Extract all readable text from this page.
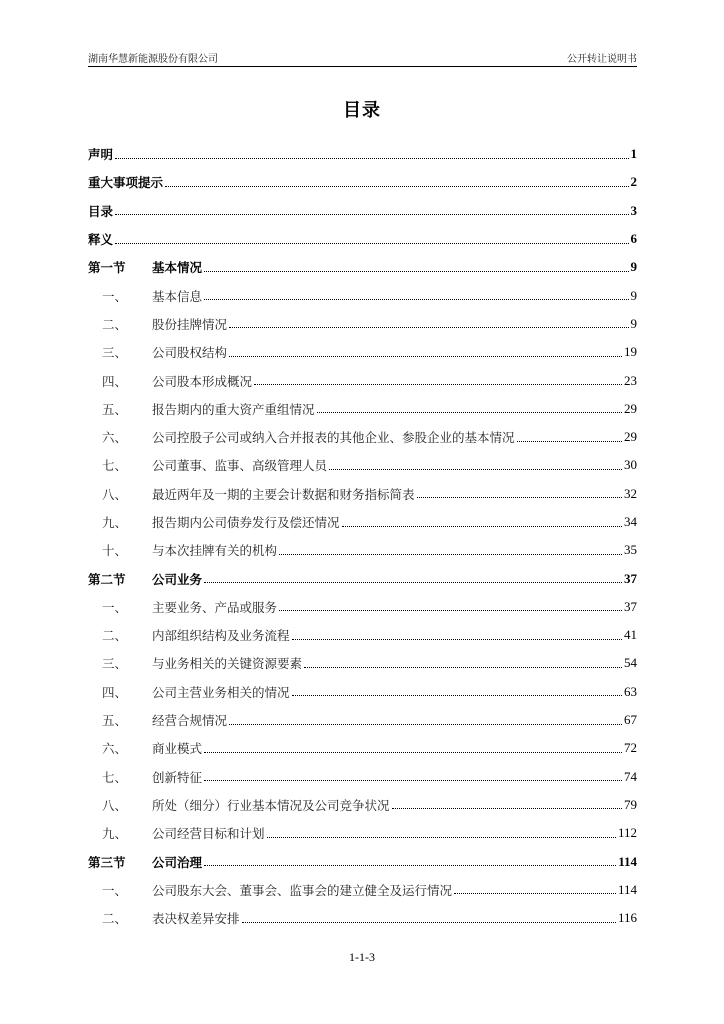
湖南华慧新能源股份有限公司	公开转让说明书
目录
声明	1
重大事项提示	2
目录	3
释义	6
第一节	基本情况	9
一、	基本信息	9
二、	股份挂牌情况	9
三、	公司股权结构	19
四、	公司股本形成概况	23
五、	报告期内的重大资产重组情况	29
六、	公司控股子公司或纳入合并报表的其他企业、参股企业的基本情况	29
七、	公司董事、监事、高级管理人员	30
八、	最近两年及一期的主要会计数据和财务指标简表	32
九、	报告期内公司债券发行及偿还情况	34
十、	与本次挂牌有关的机构	35
第二节	公司业务	37
一、	主要业务、产品或服务	37
二、	内部组织结构及业务流程	41
三、	与业务相关的关键资源要素	54
四、	公司主营业务相关的情况	63
五、	经营合规情况	67
六、	商业模式	72
七、	创新特征	74
八、	所处（细分）行业基本情况及公司竞争状况	79
九、	公司经营目标和计划	112
第三节	公司治理	114
一、	公司股东大会、董事会、监事会的建立健全及运行情况	114
二、	表决权差异安排	116
1-1-3
